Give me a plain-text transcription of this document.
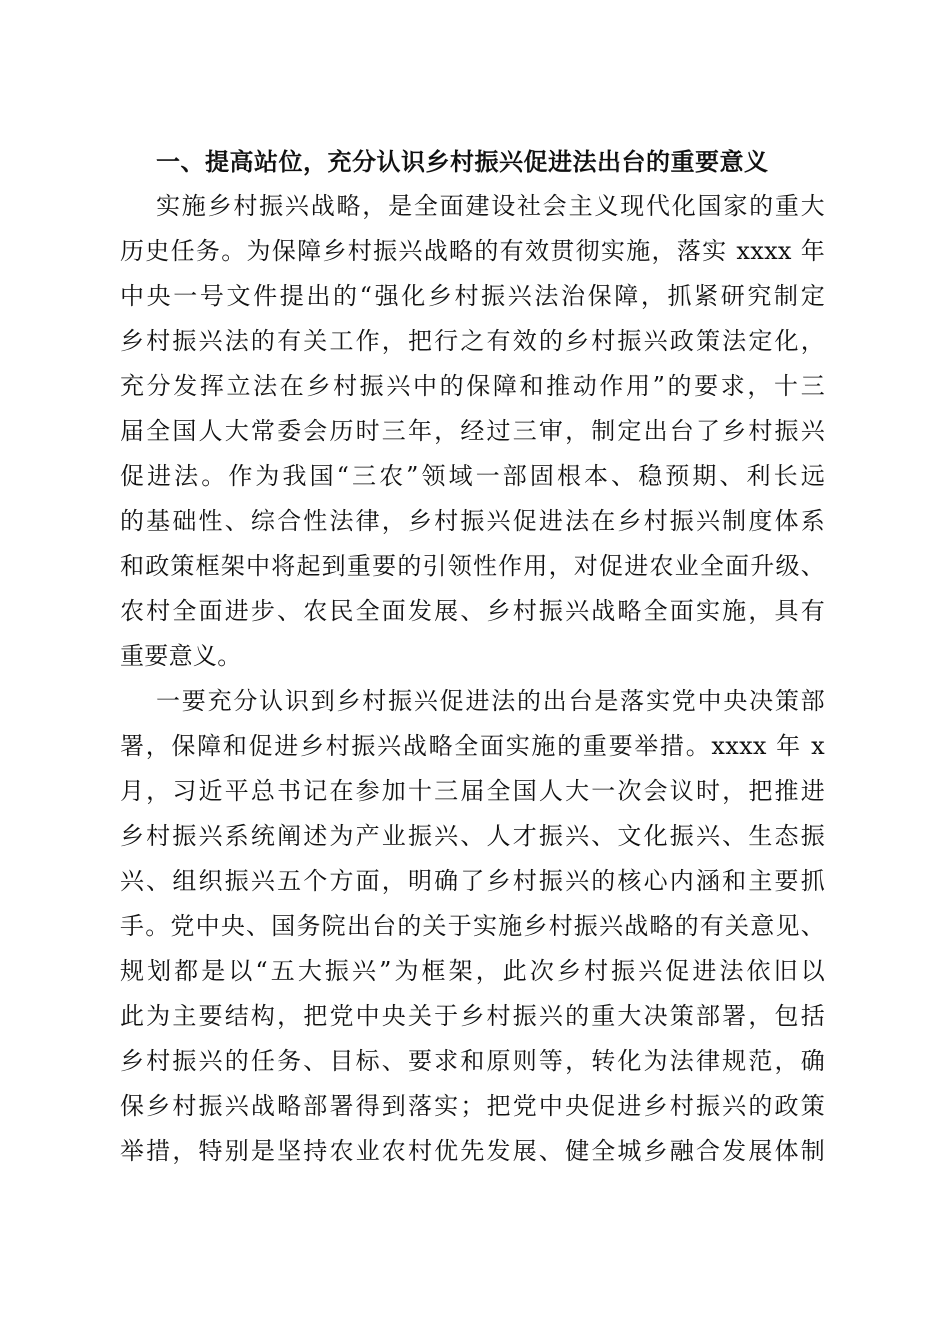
一、提高站位，充分认识乡村振兴促进法出台的重要意义
实施乡村振兴战略，是全面建设社会主义现代化国家的重大
历史任务。为保障乡村振兴战略的有效贯彻实施，落实 xxxx 年
中央一号文件提出的“强化乡村振兴法治保障，抓紧研究制定
乡村振兴法的有关工作，把行之有效的乡村振兴政策法定化，
充分发挥立法在乡村振兴中的保障和推动作用”的要求，十三
届全国人大常委会历时三年，经过三审，制定出台了乡村振兴
促进法。作为我国“三农”领域一部固根本、稳预期、利长远
的基础性、综合性法律，乡村振兴促进法在乡村振兴制度体系
和政策框架中将起到重要的引领性作用，对促进农业全面升级、
农村全面进步、农民全面发展、乡村振兴战略全面实施，具有
重要意义。
一要充分认识到乡村振兴促进法的出台是落实党中央决策部
署，保障和促进乡村振兴战略全面实施的重要举措。xxxx 年 x
月，习近平总书记在参加十三届全国人大一次会议时，把推进
乡村振兴系统阐述为产业振兴、人才振兴、文化振兴、生态振
兴、组织振兴五个方面，明确了乡村振兴的核心内涵和主要抓
手。党中央、国务院出台的关于实施乡村振兴战略的有关意见、
规划都是以“五大振兴”为框架，此次乡村振兴促进法依旧以
此为主要结构，把党中央关于乡村振兴的重大决策部署，包括
乡村振兴的任务、目标、要求和原则等，转化为法律规范，确
保乡村振兴战略部署得到落实；把党中央促进乡村振兴的政策
举措，特别是坚持农业农村优先发展、健全城乡融合发展体制
